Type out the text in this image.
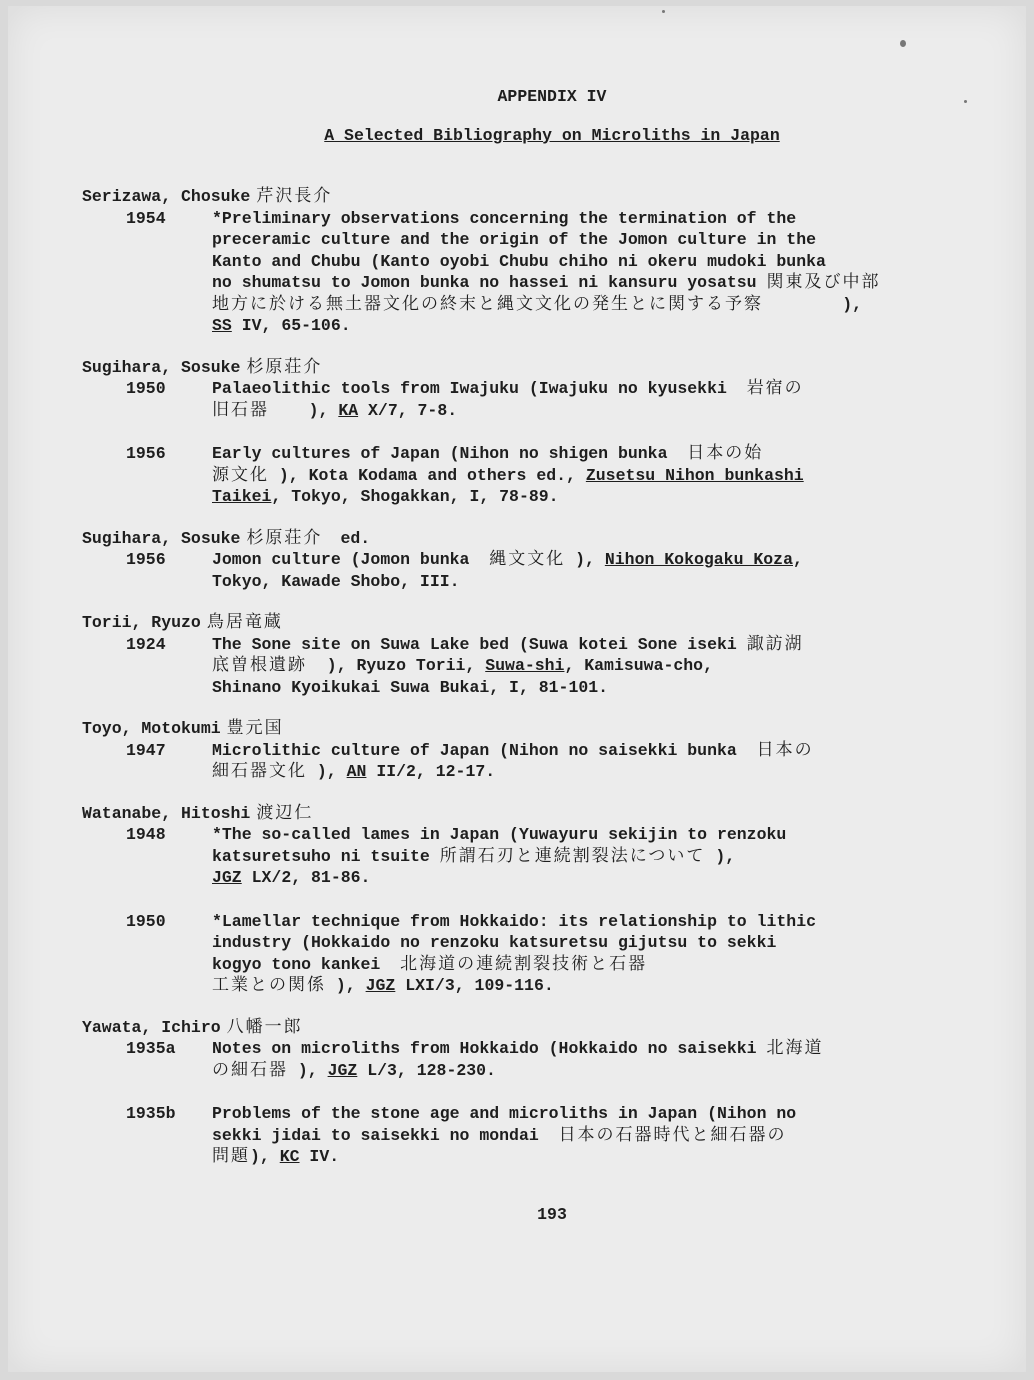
APPENDIX IV
A Selected Bibliography on Microliths in Japan
Serizawa, Chosuke 芹沢長介
1954	*Preliminary observations concerning the termination of the
preceramic culture and the origin of the Jomon culture in the
Kanto and Chubu (Kanto oyobi Chubu chiho ni okeru mudoki bunka
no shumatsu to Jomon bunka no hassei ni kansuru yosatsu 関東及び中部
地方に於ける無土器文化の終末と縄文文化の発生とに関する予察        ),
SS IV, 65-106.
Sugihara, Sosuke 杉原荘介
1950	Palaeolithic tools from Iwajuku (Iwajuku no kyusekki  岩宿の
旧石器    ), KA X/7, 7-8.
1956	Early cultures of Japan (Nihon no shigen bunka  日本の始
源文化 ), Kota Kodama and others ed., Zusetsu Nihon bunkashi
Taikei, Tokyo, Shogakkan, I, 78-89.
Sugihara, Sosuke 杉原荘介 ed.
1956	Jomon culture (Jomon bunka  縄文文化 ), Nihon Kokogaku Koza,
Tokyo, Kawade Shobo, III.
Torii, Ryuzo 鳥居竜蔵
1924	The Sone site on Suwa Lake bed (Suwa kotei Sone iseki 諏訪湖
底曽根遺跡  ), Ryuzo Torii, Suwa-shi, Kamisuwa-cho,
Shinano Kyoikukai Suwa Bukai, I, 81-101.
Toyo, Motokumi 豊元国
1947	Microlithic culture of Japan (Nihon no saisekki bunka  日本の
細石器文化 ), AN II/2, 12-17.
Watanabe, Hitoshi 渡辺仁
1948	*The so-called lames in Japan (Yuwayuru sekijin to renzoku
katsuretsuho ni tsuite 所謂石刃と連続割裂法について ),
JGZ LX/2, 81-86.
1950	*Lamellar technique from Hokkaido: its relationship to lithic
industry (Hokkaido no renzoku katsuretsu gijutsu to sekki
kogyo tono kankei  北海道の連続割裂技術と石器
工業との関係 ), JGZ LXI/3, 109-116.
Yawata, Ichiro 八幡一郎
1935a	Notes on microliths from Hokkaido (Hokkaido no saisekki 北海道
の細石器 ), JGZ L/3, 128-230.
1935b	Problems of the stone age and microliths in Japan (Nihon no
sekki jidai to saisekki no mondai  日本の石器時代と細石器の
問題), KC IV.
193
